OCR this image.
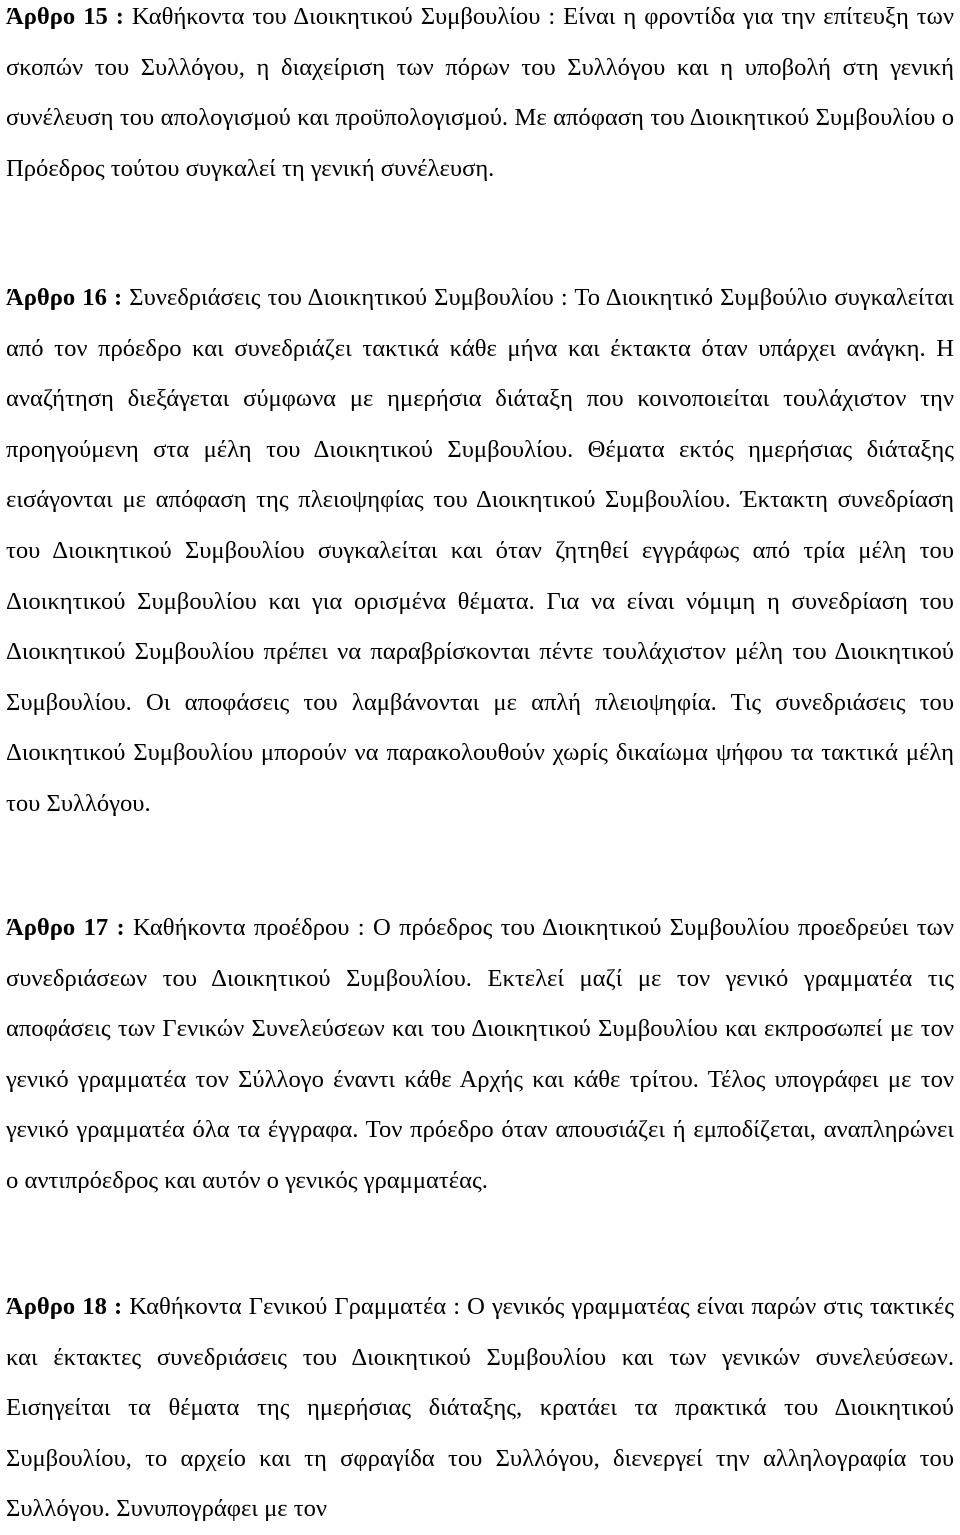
Άρθρο 15 : Καθήκοντα του Διοικητικού Συμβουλίου : Είναι η φροντίδα για την επίτευξη των σκοπών του Συλλόγου, η διαχείριση των πόρων του Συλλόγου και η υποβολή στη γενική συνέλευση του απολογισμού και προϋπολογισμού. Με απόφαση του Διοικητικού Συμβουλίου ο Πρόεδρος τούτου συγκαλεί τη γενική συνέλευση.

Άρθρο 16 : Συνεδριάσεις του Διοικητικού Συμβουλίου : Το Διοικητικό Συμβούλιο συγκαλείται από τον πρόεδρο και συνεδριάζει τακτικά κάθε μήνα και έκτακτα όταν υπάρχει ανάγκη. Η αναζήτηση διεξάγεται σύμφωνα με ημερήσια διάταξη που κοινοποιείται τουλάχιστον την προηγούμενη στα μέλη του Διοικητικού Συμβουλίου. Θέματα εκτός ημερήσιας διάταξης εισάγονται με απόφαση της πλειοψηφίας του Διοικητικού Συμβουλίου. Έκτακτη συνεδρίαση του Διοικητικού Συμβουλίου συγκαλείται και όταν ζητηθεί εγγράφως από τρία μέλη του Διοικητικού Συμβουλίου και για ορισμένα θέματα. Για να είναι νόμιμη η συνεδρίαση του Διοικητικού Συμβουλίου πρέπει να παραβρίσκονται πέντε τουλάχιστον μέλη του Διοικητικού Συμβουλίου. Οι αποφάσεις του λαμβάνονται με απλή πλειοψηφία. Τις συνεδριάσεις του Διοικητικού Συμβουλίου μπορούν να παρακολουθούν χωρίς δικαίωμα ψήφου τα τακτικά μέλη του Συλλόγου.

Άρθρο 17 : Καθήκοντα προέδρου : Ο πρόεδρος του Διοικητικού Συμβουλίου προεδρεύει των συνεδριάσεων του Διοικητικού Συμβουλίου. Εκτελεί μαζί με τον γενικό γραμματέα τις αποφάσεις των Γενικών Συνελεύσεων και του Διοικητικού Συμβουλίου και εκπροσωπεί με τον γενικό γραμματέα τον Σύλλογο έναντι κάθε Αρχής και κάθε τρίτου. Τέλος υπογράφει με τον γενικό γραμματέα όλα τα έγγραφα. Τον πρόεδρο όταν απουσιάζει ή εμποδίζεται, αναπληρώνει ο αντιπρόεδρος και αυτόν ο γενικός γραμματέας.

Άρθρο 18 : Καθήκοντα Γενικού Γραμματέα : Ο γενικός γραμματέας είναι παρών στις τακτικές και έκτακτες συνεδριάσεις του Διοικητικού Συμβουλίου και των γενικών συνελεύσεων. Εισηγείται τα θέματα της ημερήσιας διάταξης, κρατάει τα πρακτικά του Διοικητικού Συμβουλίου, το αρχείο και τη σφραγίδα του Συλλόγου, διενεργεί την αλληλογραφία του Συλλόγου. Συνυπογράφει με τον
